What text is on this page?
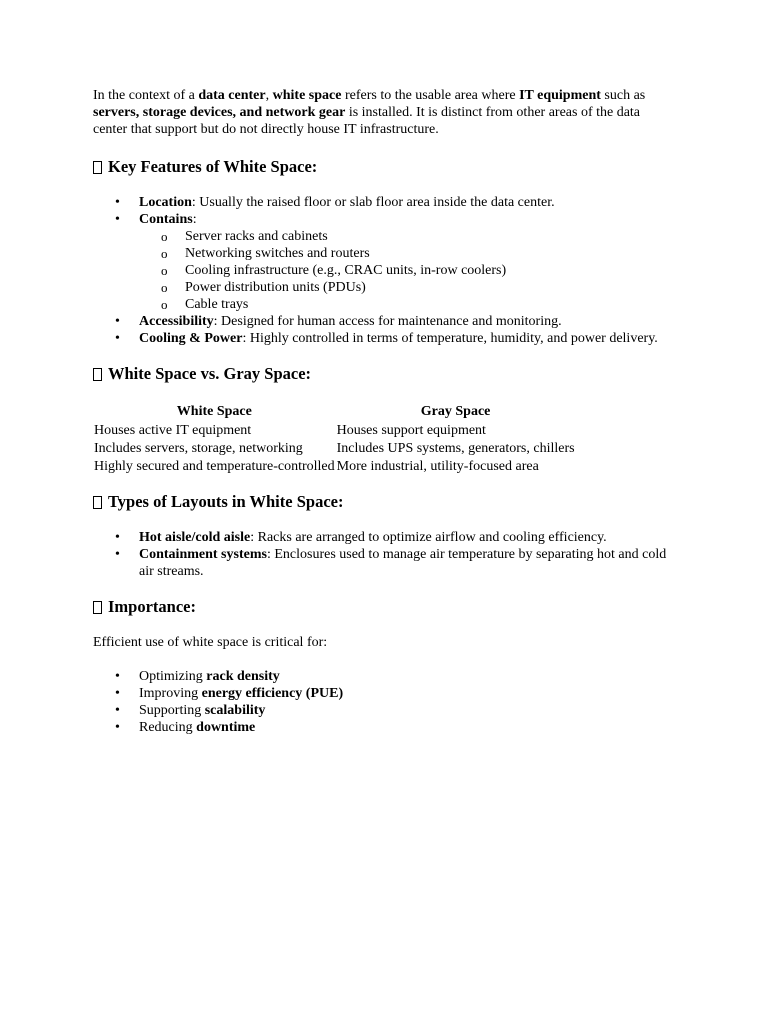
In the context of a data center, white space refers to the usable area where IT equipment such as servers, storage devices, and network gear is installed. It is distinct from other areas of the data center that support but do not directly house IT infrastructure.

Key Features of White Space:
• Location: Usually the raised floor or slab floor area inside the data center.
• Contains:
o Server racks and cabinets
o Networking switches and routers
o Cooling infrastructure (e.g., CRAC units, in-row coolers)
o Power distribution units (PDUs)
o Cable trays
• Accessibility: Designed for human access for maintenance and monitoring.
• Cooling & Power: Highly controlled in terms of temperature, humidity, and power delivery.
White Space vs. Gray Space:
White Space	Gray Space
Houses active IT equipment	Houses support equipment
Includes servers, storage, networking	Includes UPS systems, generators, chillers
Highly secured and temperature-controlled	More industrial, utility-focused area
Types of Layouts in White Space:
• Hot aisle/cold aisle: Racks are arranged to optimize airflow and cooling efficiency.
• Containment systems: Enclosures used to manage air temperature by separating hot and cold air streams.
Importance:

Efficient use of white space is critical for:

• Optimizing rack density
• Improving energy efficiency (PUE)
• Supporting scalability
• Reducing downtime
